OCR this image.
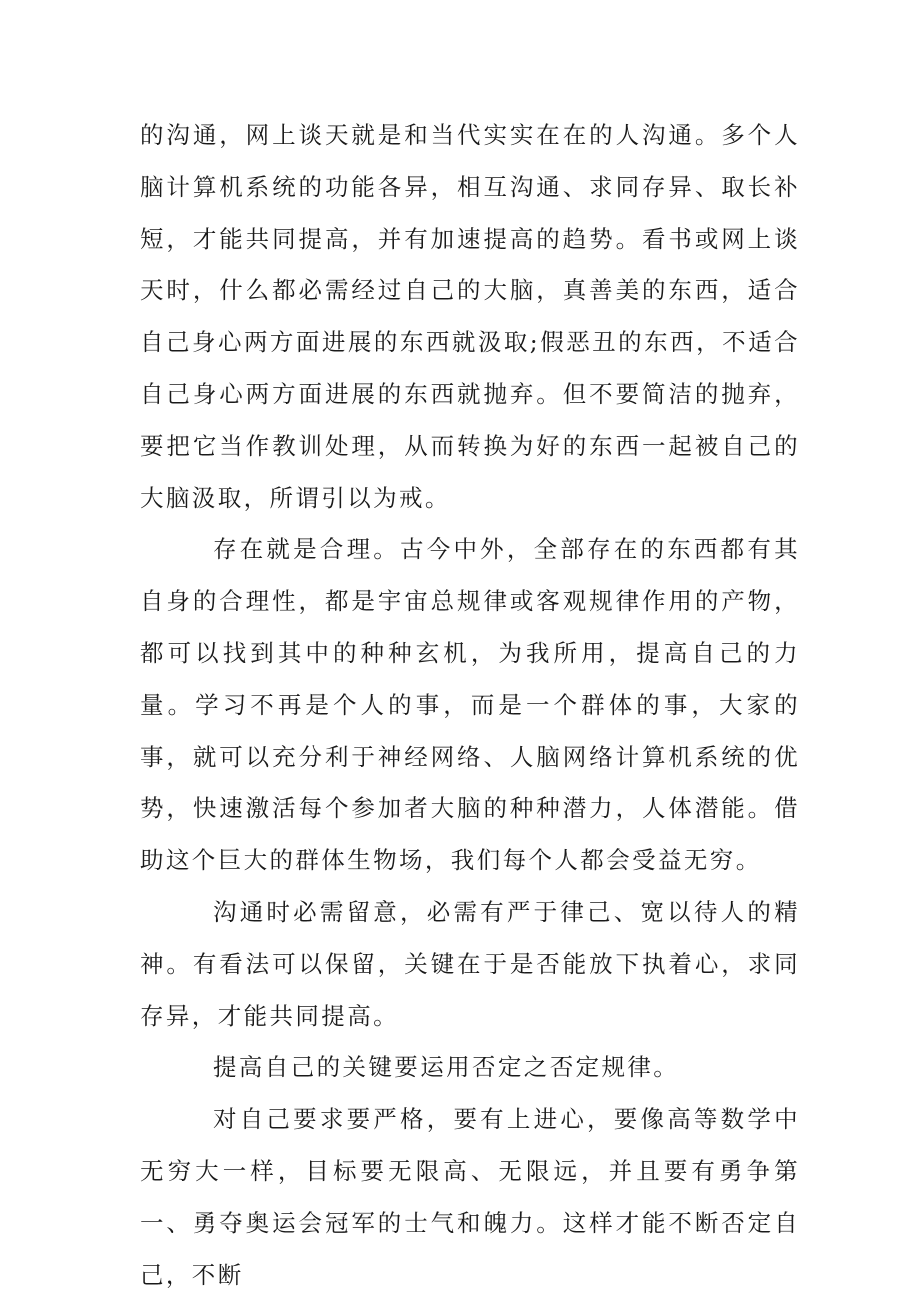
的沟通，网上谈天就是和当代实实在在的人沟通。多个人脑计算机系统的功能各异，相互沟通、求同存异、取长补短，才能共同提高，并有加速提高的趋势。看书或网上谈天时，什么都必需经过自己的大脑，真善美的东西，适合自己身心两方面进展的东西就汲取;假恶丑的东西，不适合自己身心两方面进展的东西就抛弃。但不要简洁的抛弃，要把它当作教训处理，从而转换为好的东西一起被自己的大脑汲取，所谓引以为戒。

存在就是合理。古今中外，全部存在的东西都有其自身的合理性，都是宇宙总规律或客观规律作用的产物，都可以找到其中的种种玄机，为我所用，提高自己的力量。学习不再是个人的事，而是一个群体的事，大家的事，就可以充分利于神经网络、人脑网络计算机系统的优势，快速激活每个参加者大脑的种种潜力，人体潜能。借助这个巨大的群体生物场，我们每个人都会受益无穷。

沟通时必需留意，必需有严于律己、宽以待人的精神。有看法可以保留，关键在于是否能放下执着心，求同存异，才能共同提高。

提高自己的关键要运用否定之否定规律。

对自己要求要严格，要有上进心，要像高等数学中无穷大一样，目标要无限高、无限远，并且要有勇争第一、勇夺奥运会冠军的士气和魄力。这样才能不断否定自己，不断
